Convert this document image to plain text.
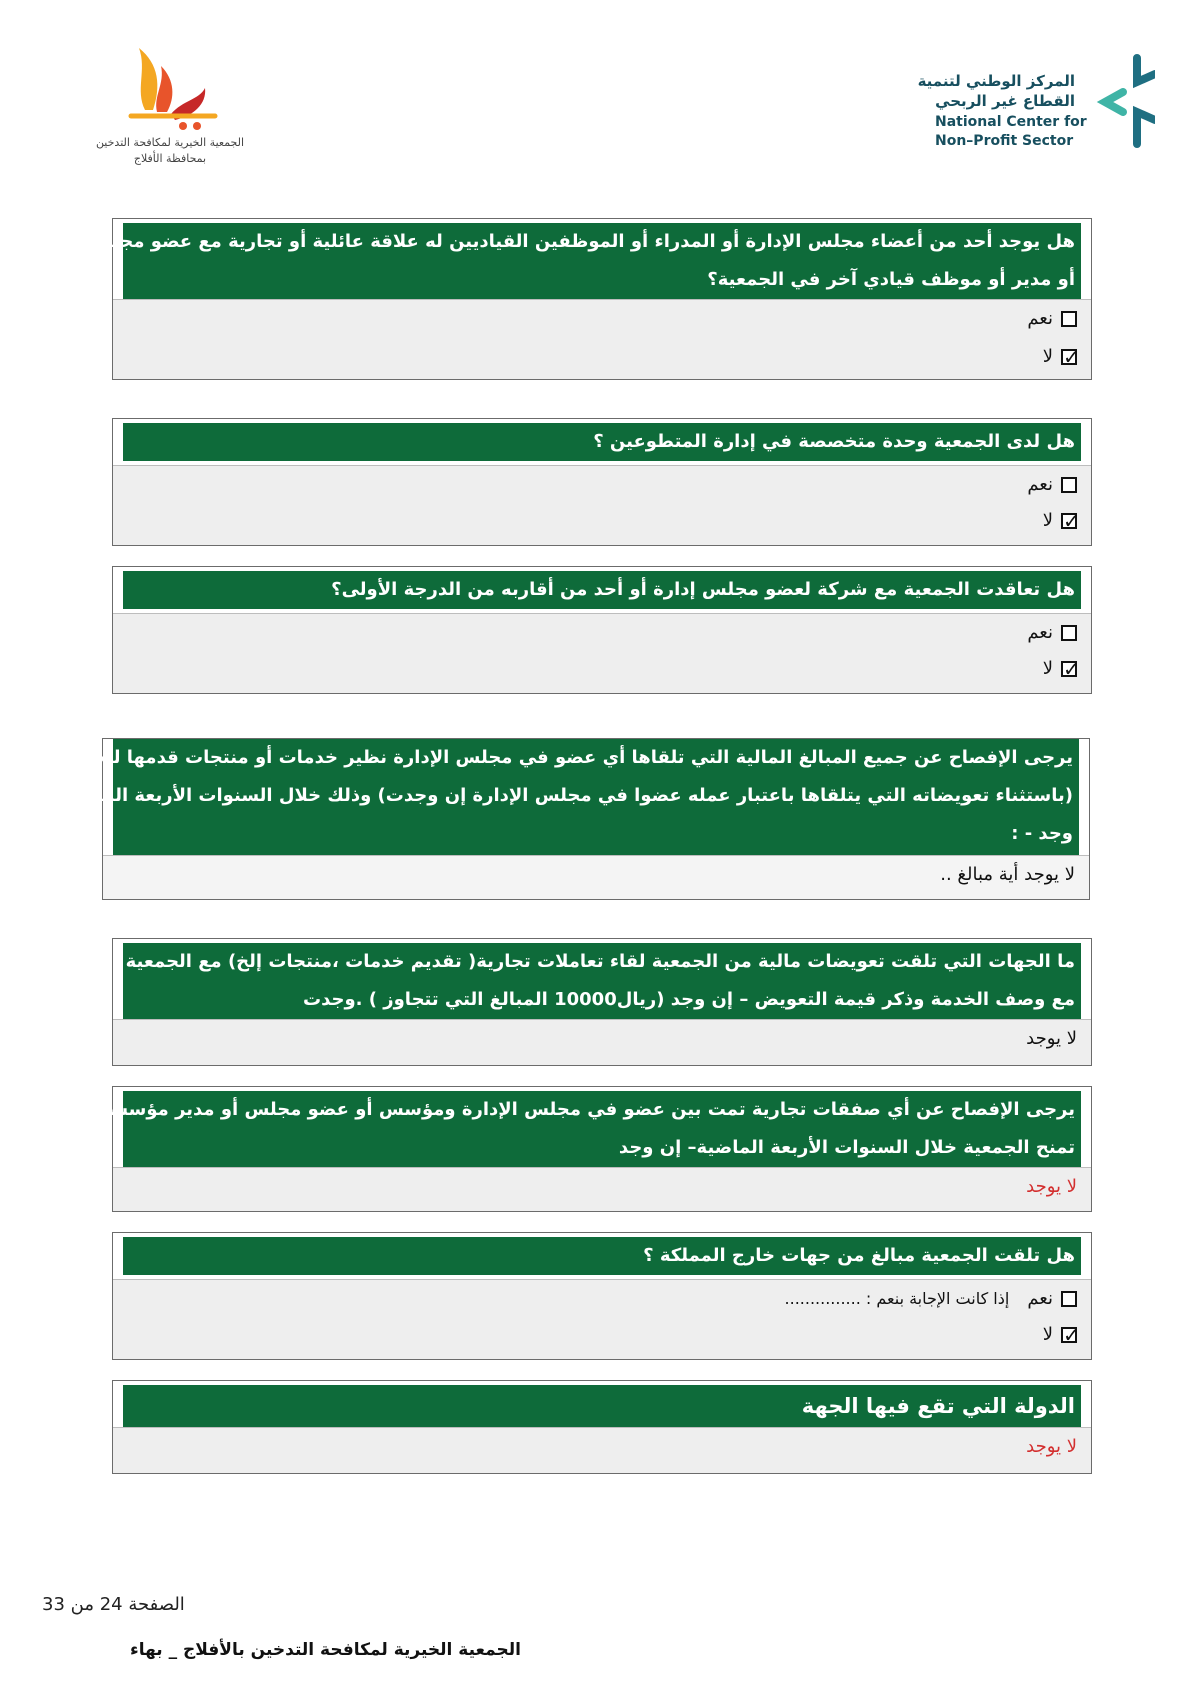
المركز الوطني لتنمية
القطاع غير الربحي
National Center for
Non–Profit Sector
الجمعية الخيرية لمكافحة التدخين
بمحافظة الأفلاج
هل يوجد أحد من أعضاء مجلس الإدارة أو المدراء أو الموظفين القياديين له علاقة عائلية أو تجارية مع عضو مجلس إدارة
أو مدير أو موظف قيادي آخر في الجمعية؟
نعم
✓
لا
هل لدى الجمعية وحدة متخصصة في إدارة المتطوعين ؟
نعم
✓
لا
هل تعاقدت الجمعية مع شركة لعضو مجلس إدارة أو أحد من أقاربه من الدرجة الأولى؟
نعم
✓
لا
يرجى الإفصاح عن جميع المبالغ المالية التي تلقاها أي عضو في مجلس الإدارة نظير خدمات أو منتجات قدمها للجمعية
(باستثناء تعويضاته التي يتلقاها باعتبار عمله عضوا في مجلس الإدارة إن وجدت) وذلك خلال السنوات الأربعة الماضية – إن
وجد - :
لا يوجد أية مبالغ ..
ما الجهات التي تلقت تعويضات مالية من الجمعية لقاء تعاملات تجارية( تقديم خدمات ،منتجات إلخ) مع الجمعية ،إن
مع وصف الخدمة وذكر قيمة التعويض – إن وجد (ريال10000 المبالغ التي تتجاوز ) .وجدت
لا يوجد
يرجى الإفصاح عن أي صفقات تجارية تمت بين عضو في مجلس الإدارة ومؤسس أو عضو مجلس أو مدير مؤسسة مانحة
تمنح الجمعية خلال السنوات الأربعة الماضية– إن وجد
لا يوجد
هل تلقت الجمعية مبالغ من جهات خارج المملكة ؟
نعم
إذا كانت الإجابة بنعم : ...............
✓
لا
الدولة التي تقع فيها الجهة
لا يوجد
الصفحة 24 من 33
الجمعية الخيرية لمكافحة التدخين بالأفلاج _ بهاء
